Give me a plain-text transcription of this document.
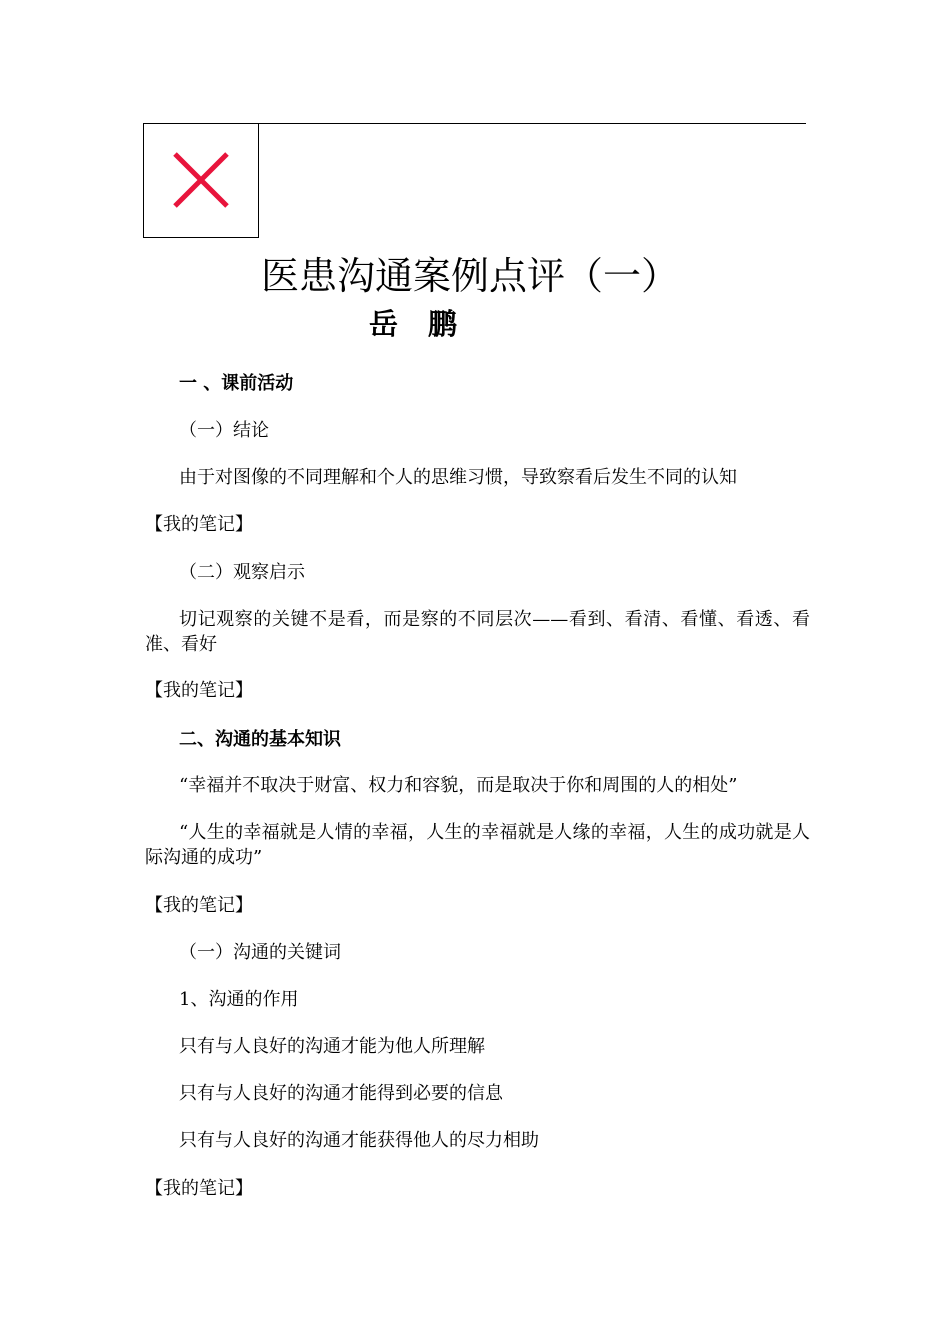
医患沟通案例点评（一）
岳 鹏
一 、课前活动
（一）结论
由于对图像的不同理解和个人的思维习惯，导致察看后发生不同的认知
【我的笔记】
（二）观察启示
切记观察的关键不是看，而是察的不同层次——看到、看清、看懂、看透、看准、看好
【我的笔记】
二、沟通的基本知识
“幸福并不取决于财富、权力和容貌，而是取决于你和周围的人的相处”
“人生的幸福就是人情的幸福，人生的幸福就是人缘的幸福，人生的成功就是人际沟通的成功”
【我的笔记】
（一）沟通的关键词
1、沟通的作用
只有与人良好的沟通才能为他人所理解
只有与人良好的沟通才能得到必要的信息
只有与人良好的沟通才能获得他人的尽力相助
【我的笔记】
